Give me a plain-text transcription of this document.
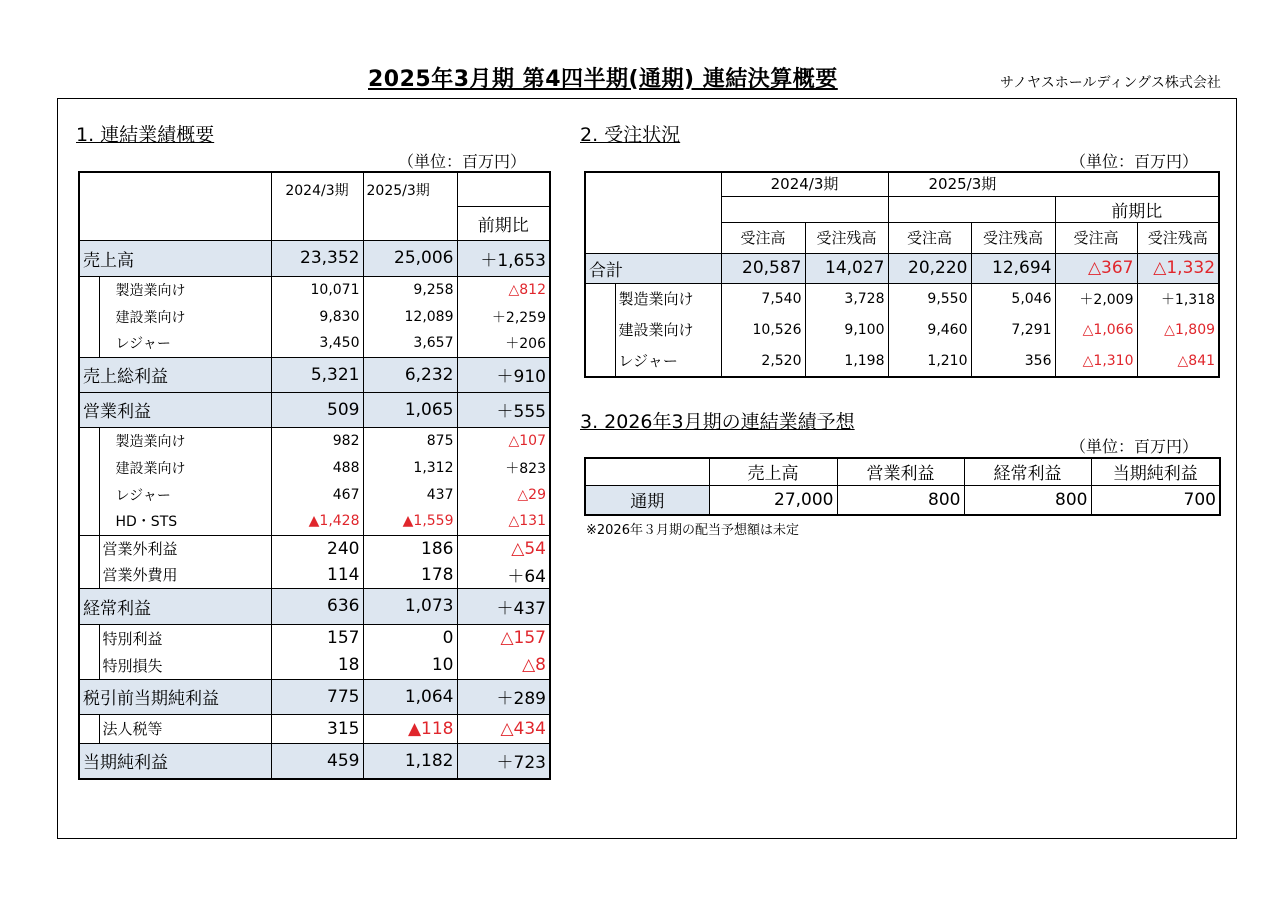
2025年3月期 第4四半期(通期) 連結決算概要	サノヤスホールディングス株式会社
1. 連結業績概要
（単位：百万円）
		2024/3期	2025/3期	
				前期比
売上高		23,352	25,006	＋1,653
	製造業向け	10,071	9,258	△812
	建設業向け	9,830	12,089	＋2,259
	レジャー	3,450	3,657	＋206
売上総利益		5,321	6,232	＋910
営業利益		509	1,065	＋555
	製造業向け	982	875	△107
	建設業向け	488	1,312	＋823
	レジャー	467	437	△29
	HD・STS	▲1,428	▲1,559	△131
	営業外利益	240	186	△54
	営業外費用	114	178	＋64
経常利益		636	1,073	＋437
	特別利益	157	0	△157
	特別損失	18	10	△8
税引前当期純利益		775	1,064	＋289
	法人税等	315	▲118	△434
当期純利益		459	1,182	＋723
2. 受注状況
（単位：百万円）
		2024/3期		2025/3期			
						前期比	
		受注高	受注残高	受注高	受注残高	受注高	受注残高
合計		20,587	14,027	20,220	12,694	△367	△1,332
	製造業向け	7,540	3,728	9,550	5,046	＋2,009	＋1,318
	建設業向け	10,526	9,100	9,460	7,291	△1,066	△1,809
	レジャー	2,520	1,198	1,210	356	△1,310	△841
3. 2026年3月期の連結業績予想
（単位：百万円）
	売上高	営業利益	経常利益	当期純利益
通期	27,000	800	800	700
※2026年３月期の配当予想額は未定
